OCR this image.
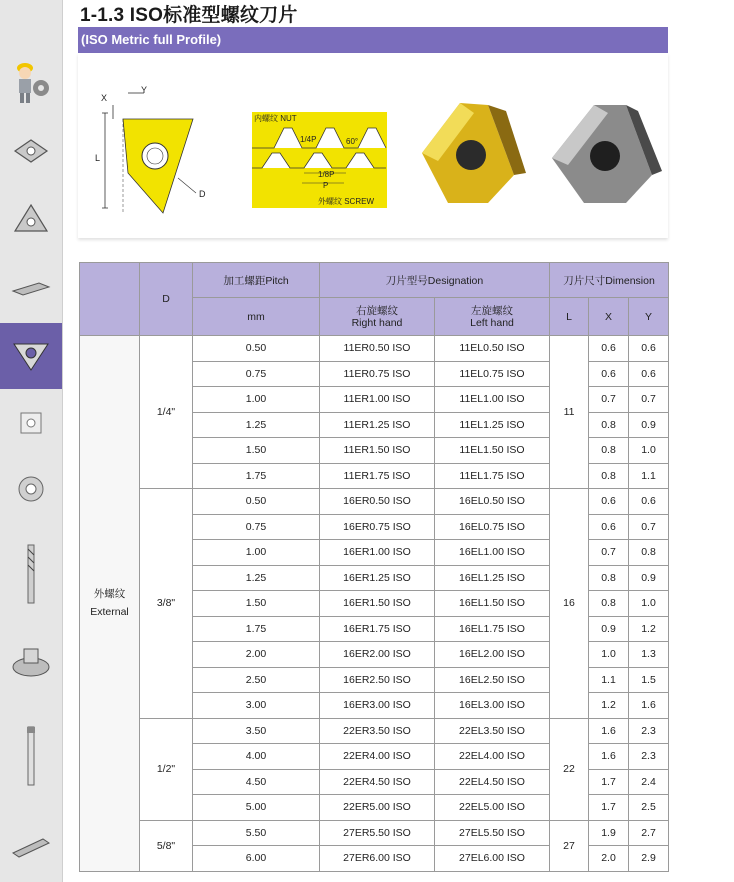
1-1.3 ISO标准型螺纹刀片
(ISO Metric full Profile)
X
Y
L
D
内螺纹 NUT
1/4P	60°
1/8P
P
外螺纹 SCREW
	D	加工螺距Pitch	刀片型号Designation		刀片尺寸Dimension		
		mm	右旋螺纹
Right hand	左旋螺纹
Left hand	L	X	Y

外螺纹
External	1/4"	0.50	11ER0.50 ISO	11EL0.50 ISO	11	0.6	0.6
		0.75	11ER0.75 ISO	11EL0.75 ISO		0.6	0.6
		1.00	11ER1.00 ISO	11EL1.00 ISO		0.7	0.7
		1.25	11ER1.25 ISO	11EL1.25 ISO		0.8	0.9
		1.50	11ER1.50 ISO	11EL1.50 ISO		0.8	1.0
		1.75	11ER1.75 ISO	11EL1.75 ISO		0.8	1.1
	3/8"	0.50	16ER0.50 ISO	16EL0.50 ISO	16	0.6	0.6
		0.75	16ER0.75 ISO	16EL0.75 ISO		0.6	0.7
		1.00	16ER1.00 ISO	16EL1.00 ISO		0.7	0.8
		1.25	16ER1.25 ISO	16EL1.25 ISO		0.8	0.9
		1.50	16ER1.50 ISO	16EL1.50 ISO		0.8	1.0
		1.75	16ER1.75 ISO	16EL1.75 ISO		0.9	1.2
		2.00	16ER2.00 ISO	16EL2.00 ISO		1.0	1.3
		2.50	16ER2.50 ISO	16EL2.50 ISO		1.1	1.5
		3.00	16ER3.00 ISO	16EL3.00 ISO		1.2	1.6
	1/2"	3.50	22ER3.50 ISO	22EL3.50 ISO	22	1.6	2.3
		4.00	22ER4.00 ISO	22EL4.00 ISO		1.6	2.3
		4.50	22ER4.50 ISO	22EL4.50 ISO		1.7	2.4
		5.00	22ER5.00 ISO	22EL5.00 ISO		1.7	2.5
	5/8"	5.50	27ER5.50 ISO	27EL5.50 ISO	27	1.9	2.7
		6.00	27ER6.00 ISO	27EL6.00 ISO		2.0	2.9
